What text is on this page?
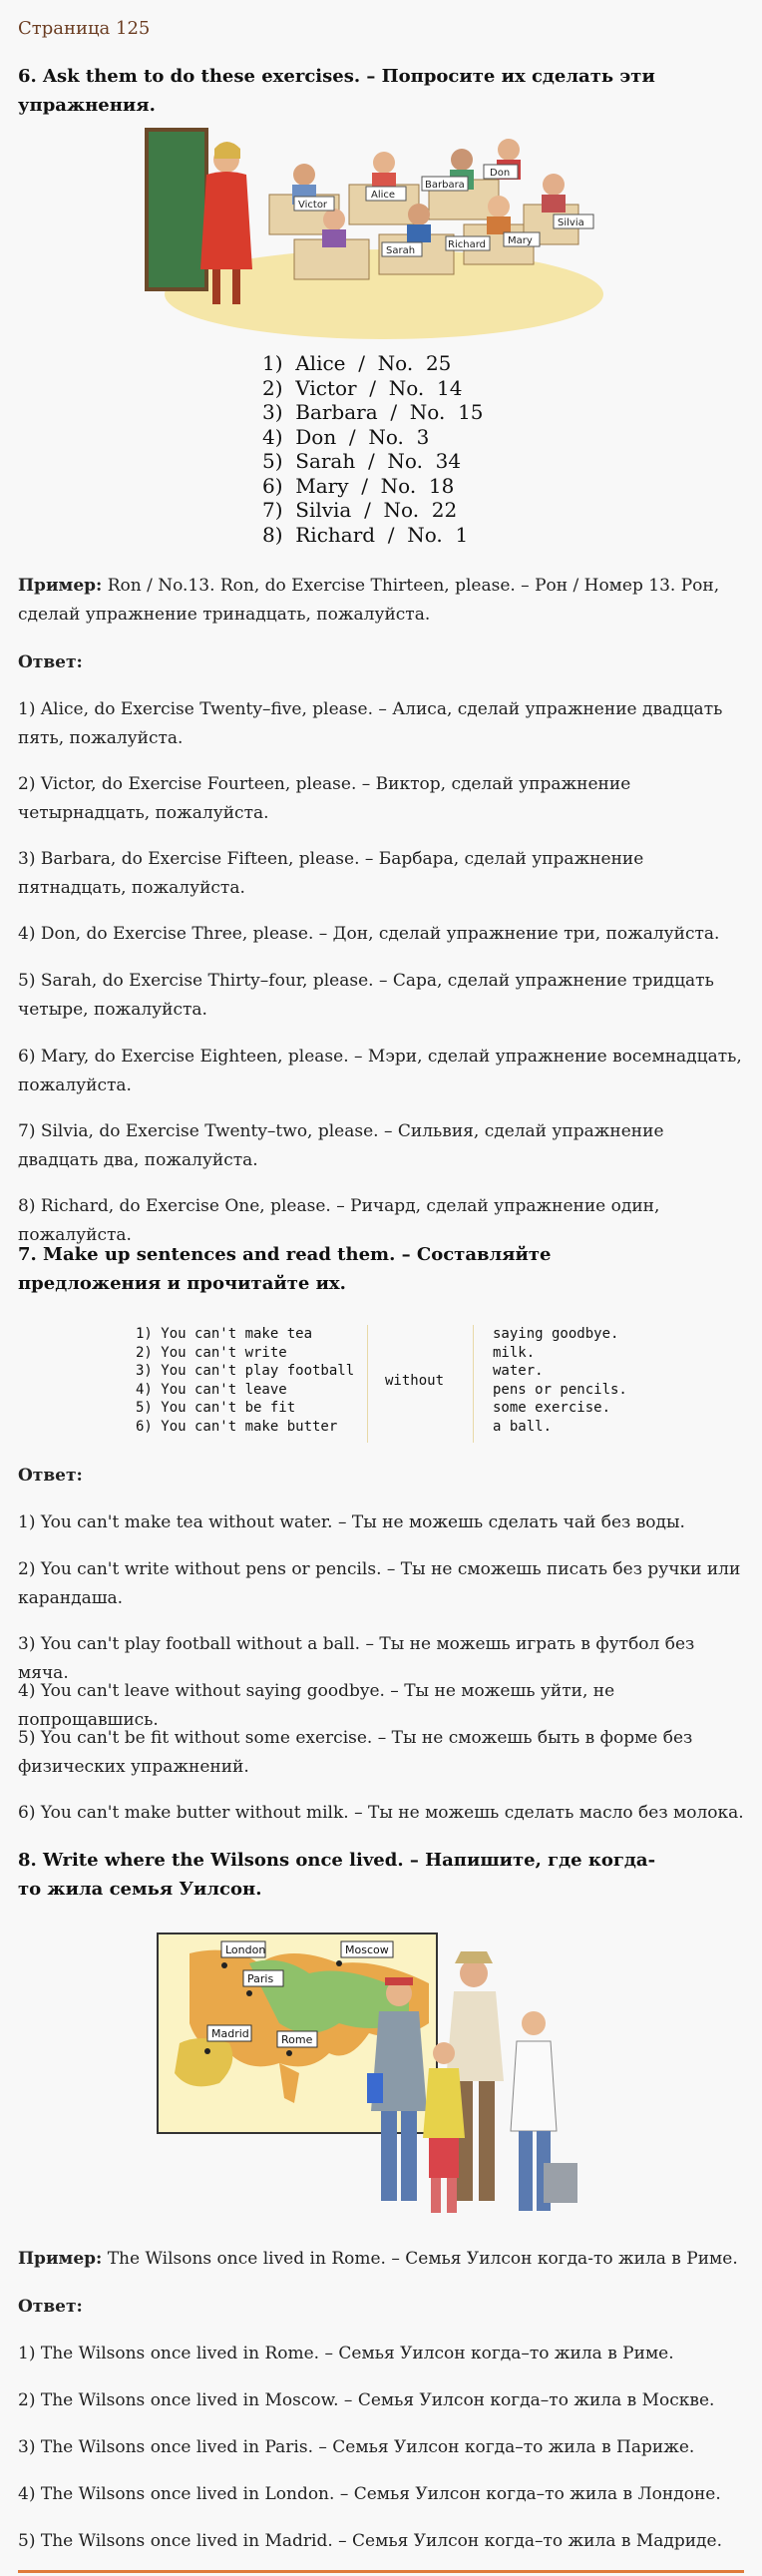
Страница 125
6. Ask them to do these exercises. – Попросите их сделать эти упражнения.
Victor
Alice
Barbara
Don
Silvia
Sarah
Richard Mary
1)  Alice  /  No.  25
2)  Victor  /  No.  14
3)  Barbara  /  No.  15
4)  Don  /  No.  3
5)  Sarah  /  No.  34
6)  Mary  /  No.  18
7)  Silvia  /  No.  22
8)  Richard  /  No.  1
Пример: Ron / No.13. Ron, do Exercise Thirteen, please. – Рон / Номер 13. Рон, сделай упражнение тринадцать, пожалуйста.
Ответ:
1) Alice, do Exercise Twenty–five, please. – Алиса, сделай упражнение двадцать пять, пожалуйста.
2) Victor, do Exercise Fourteen, please. – Виктор, сделай упражнение четырнадцать, пожалуйста.
3) Barbara, do Exercise Fifteen, please. – Барбара, сделай упражнение пятнадцать, пожалуйста.
4) Don, do Exercise Three, please. – Дон, сделай упражнение три, пожалуйста.
5) Sarah, do Exercise Thirty–four, please. – Сара, сделай упражнение тридцать четыре, пожалуйста.
6) Mary, do Exercise Eighteen, please. – Мэри, сделай упражнение восемнадцать, пожалуйста.
7) Silvia, do Exercise Twenty–two, please. – Сильвия, сделай упражнение двадцать два, пожалуйста.
8) Richard, do Exercise One, please. – Ричард, сделай упражнение один, пожалуйста.
7. Make up sentences and read them. – Составляйте предложения и прочитайте их.
1) You can't make tea
2) You can't write
3) You can't play football
4) You can't leave
5) You can't be fit
6) You can't make butter
without
saying goodbye.
milk.
water.
pens or pencils.
some exercise.
a ball.
Ответ:
1) You can't make tea without water. – Ты не можешь сделать чай без воды.
2) You can't write without pens or pencils. – Ты не сможешь писать без ручки или карандаша.
3) You can't play football without a ball. – Ты не можешь играть в футбол без мяча.
4) You can't leave without saying goodbye. – Ты не можешь уйти, не попрощавшись.
5) You can't be fit without some exercise. – Ты не сможешь быть в форме без физических упражнений.
6) You can't make butter without milk. – Ты не можешь сделать масло без молока.
8. Write where the Wilsons once lived. – Напишите, где когда-то жила семья Уилсон.
London	Moscow
Paris
Madrid	Rome
Пример: The Wilsons once lived in Rome. – Семья Уилсон когда-то жила в Риме.
Ответ:
1) The Wilsons once lived in Rome. – Семья Уилсон когда–то жила в Риме.
2) The Wilsons once lived in Moscow. – Семья Уилсон когда–то жила в Москве.
3) The Wilsons once lived in Paris. – Семья Уилсон когда–то жила в Париже.
4) The Wilsons once lived in London. – Семья Уилсон когда–то жила в Лондоне.
5) The Wilsons once lived in Madrid. – Семья Уилсон когда–то жила в Мадриде.
